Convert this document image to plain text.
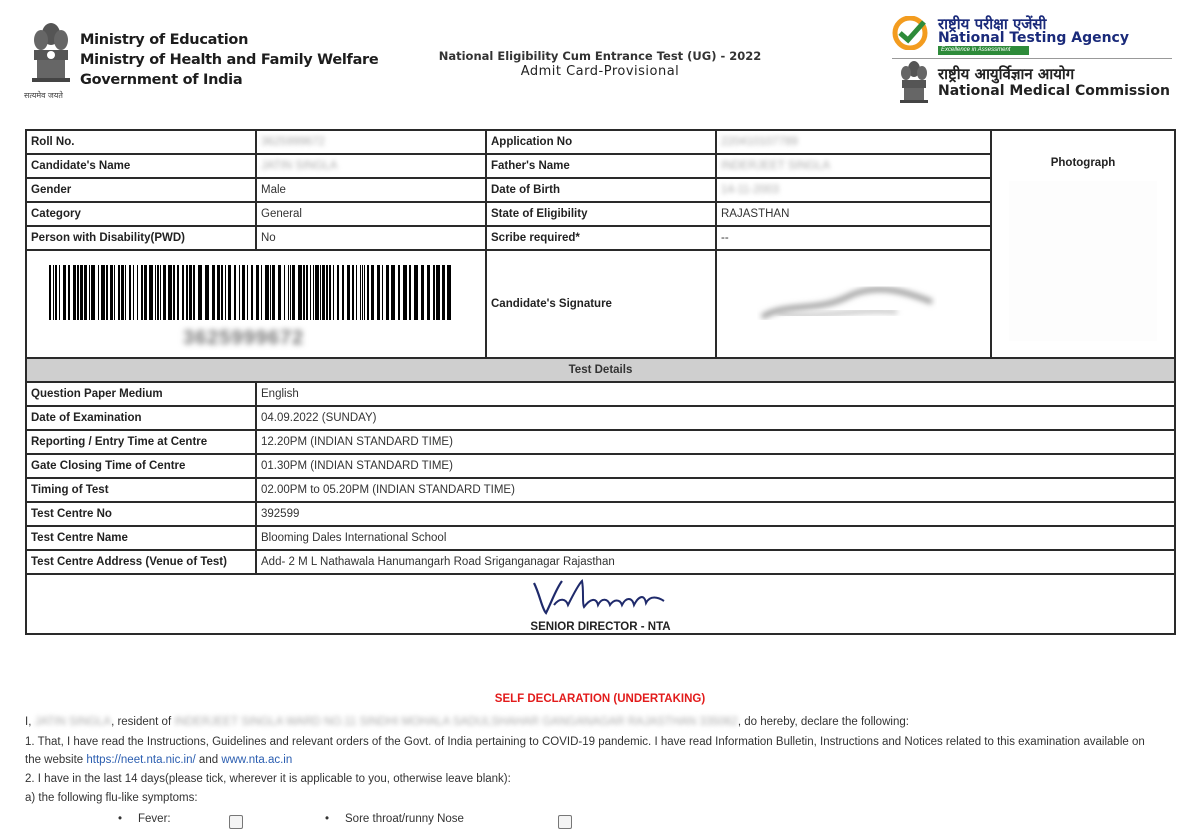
सत्यमेव जयते
Ministry of Education
Ministry of Health and Family Welfare
Government of India
National Eligibility Cum Entrance Test (UG) - 2022
Admit Card-Provisional
राष्ट्रीय परीक्षा एजेंसी
National Testing Agency
Excellence in Assessment
राष्ट्रीय आयुर्विज्ञान आयोग
National Medical Commission
Roll No.	3625999672	Application No	220410107789	Photograph

Candidate's Name	JATIN SINGLA	Father's Name	INDERJEET SINGLA	
Gender	Male	Date of Birth	14-11-2003	
Category	General	State of Eligibility	RAJASTHAN	
Person with Disability(PWD)	No	Scribe required*	--	

3625999672		Candidate's Signature	

Test Details				
Question Paper Medium	English			
Date of Examination	04.09.2022 (SUNDAY)			
Reporting / Entry Time at Centre	12.20PM (INDIAN STANDARD TIME)			
Gate Closing Time of Centre	01.30PM (INDIAN STANDARD TIME)			
Timing of Test	02.00PM to 05.20PM (INDIAN STANDARD TIME)			
Test Centre No	392599			
Test Centre Name	Blooming Dales International School			
Test Centre Address (Venue of Test)	Add- 2 M L Nathawala Hanumangarh Road Sriganganagar Rajasthan			

SENIOR DIRECTOR - NTA				
SELF DECLARATION (UNDERTAKING)
I, JATIN SINGLA, resident of INDERJEET SINGLA WARD NO.11 SINDHI MOHALA SADULSHAHAR GANGANAGAR RAJASTHAN 335062, do hereby, declare the following:
1. That, I have read the Instructions, Guidelines and relevant orders of the Govt. of India pertaining to COVID-19 pandemic. I have read Information Bulletin, Instructions and Notices related to this examination available on
the website https://neet.nta.nic.in/ and www.nta.ac.in
2. I have in the last 14 days(please tick, wherever it is applicable to you, otherwise leave blank):
a) the following flu-like symptoms:
• Fever:	• Sore throat/runny Nose
